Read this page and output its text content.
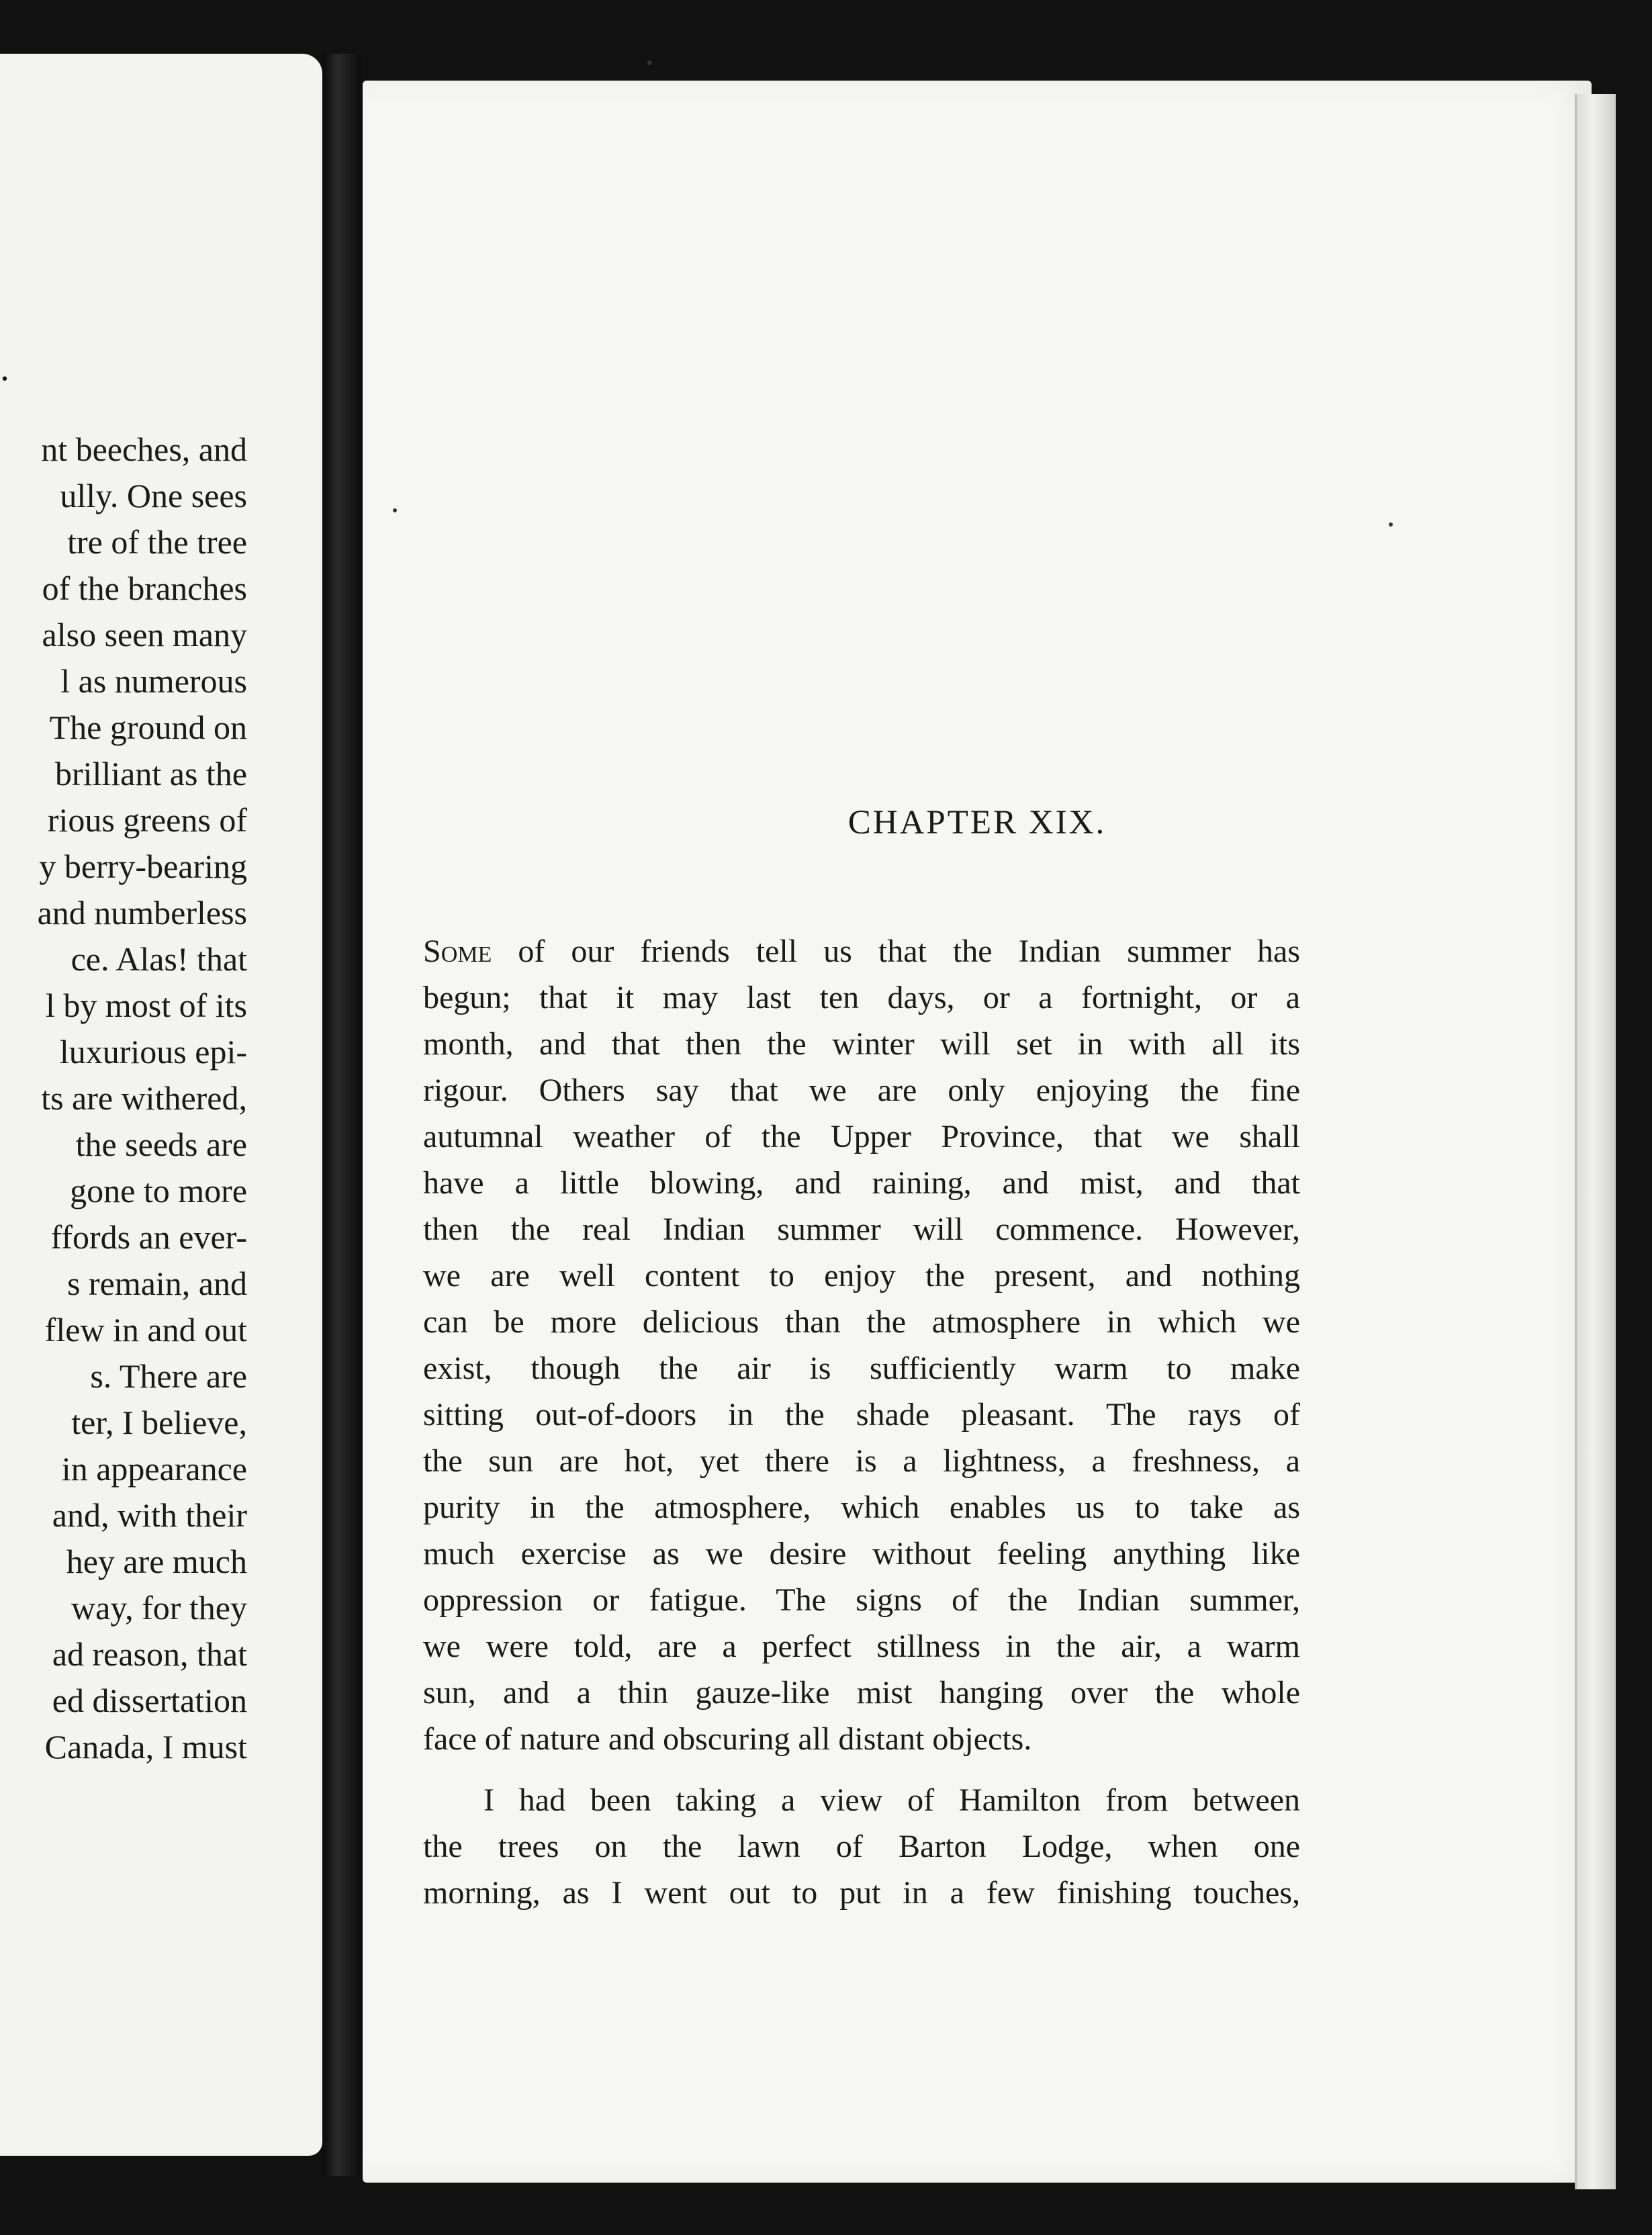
.
nt beeches, and
ully. One sees
tre of the tree
of the branches
also seen many
l as numerous
The ground on
brilliant as the
rious greens of
y berry-bearing
and numberless
ce. Alas! that
l by most of its
luxurious epi-
ts are withered,
the seeds are
gone to more
ffords an ever-
s remain, and
flew in and out
s. There are
ter, I believe,
in appearance
and, with their
hey are much
way, for they
ad reason, that
ed dissertation
Canada, I must
CHAPTER XIX.
Some of our friends tell us that the Indian summer has
begun; that it may last ten days, or a fortnight, or a
month, and that then the winter will set in with all its
rigour. Others say that we are only enjoying the fine
autumnal weather of the Upper Province, that we shall
have a little blowing, and raining, and mist, and that
then the real Indian summer will commence. However,
we are well content to enjoy the present, and nothing
can be more delicious than the atmosphere in which we
exist, though the air is sufficiently warm to make
sitting out-of-doors in the shade pleasant. The rays of
the sun are hot, yet there is a lightness, a freshness, a
purity in the atmosphere, which enables us to take as
much exercise as we desire without feeling anything like
oppression or fatigue. The signs of the Indian summer,
we were told, are a perfect stillness in the air, a warm
sun, and a thin gauze-like mist hanging over the whole
face of nature and obscuring all distant objects.
I had been taking a view of Hamilton from between
the trees on the lawn of Barton Lodge, when one
morning, as I went out to put in a few finishing touches,
